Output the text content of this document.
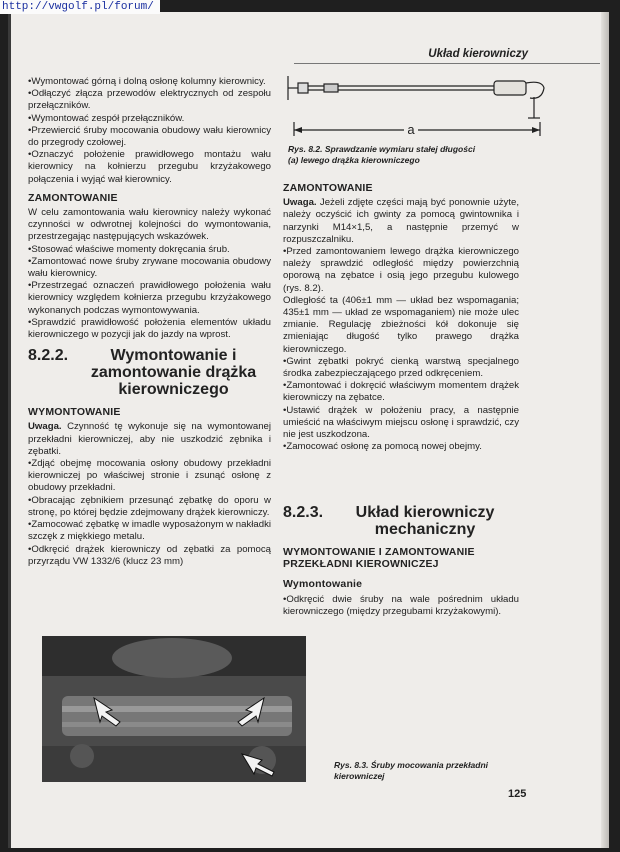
http://vwgolf.pl/forum/
Układ kierowniczy

• Wymontować górną i dolną osłonę kolumny kierownicy.

• Odłączyć złącza przewodów elektrycznych od zespołu przełączników.

• Wymontować zespół przełączników.

• Przewiercić śruby mocowania obudowy wału kierownicy do przegrody czołowej.

• Oznaczyć położenie prawidłowego montażu wału kierownicy na kołnierzu przegubu krzyżakowego połączenia i wyjąć wał kierownicy.

ZAMONTOWANIE

W celu zamontowania wału kierownicy należy wykonać czynności w odwrotnej kolejności do wymontowania, przestrzegając następujących wskazówek.

• Stosować właściwe momenty dokręcania śrub.

• Zamontować nowe śruby zrywane mocowania obudowy wału kierownicy.

• Przestrzegać oznaczeń prawidłowego położenia wału kierownicy względem kołnierza przegubu krzyżakowego wykonanych podczas wymontowywania.

• Sprawdzić prawidłowość położenia elementów układu kierowniczego w pozycji jak do jazdy na wprost.

8.2.2.	Wymontowanie i zamontowanie drążka kierowniczego
WYMONTOWANIE

Uwaga. Czynność tę wykonuje się na wymontowanej przekładni kierowniczej, aby nie uszkodzić zębnika i zębatki.

• Zdjąć obejmę mocowania osłony obudowy przekładni kierowniczej po właściwej stronie i zsunąć osłonę z obudowy przekładni.

• Obracając zębnikiem przesunąć zębatkę do oporu w stronę, po której będzie zdejmowany drążek kierowniczy.

• Zamocować zębatkę w imadle wyposażonym w nakładki szczęk z miękkiego metalu.

• Odkręcić drążek kierowniczy od zębatki za pomocą przyrządu VW 1332/6 (klucz 23 mm)

a
Rys. 8.2. Sprawdzanie wymiaru stałej długości
(a) lewego drążka kierowniczego
ZAMONTOWANIE

Uwaga. Jeżeli zdjęte części mają być ponownie użyte, należy oczyścić ich gwinty za pomocą gwintownika i narzynki M14×1,5, a następnie przemyć w rozpuszczalniku.

• Przed zamontowaniem lewego drążka kierowniczego należy sprawdzić odległość między powierzchnią oporową na zębatce i osią jego przegubu kulowego (rys. 8.2).

Odległość ta (406±1 mm — układ bez wspomagania; 435±1 mm — układ ze wspomaganiem) nie może ulec zmianie. Regulację zbieżności kół dokonuje się zmieniając długość tylko prawego drążka kierowniczego.

• Gwint zębatki pokryć cienką warstwą specjalnego środka zabezpieczającego przed odkręceniem.

• Zamontować i dokręcić właściwym momentem drążek kierowniczy na zębatce.

• Ustawić drążek w położeniu pracy, a następnie umieścić na właściwym miejscu osłonę i sprawdzić, czy nie jest uszkodzona.

• Zamocować osłonę za pomocą nowej obejmy.

8.2.3.	Układ kierowniczy mechaniczny
WYMONTOWANIE I ZAMONTOWANIE PRZEKŁADNI KIEROWNICZEJ
Wymontowanie

• Odkręcić dwie śruby na wale pośrednim układu kierowniczego (między przegubami krzyżakowymi).

Rys. 8.3. Śruby mocowania przekładni
kierowniczej
125
